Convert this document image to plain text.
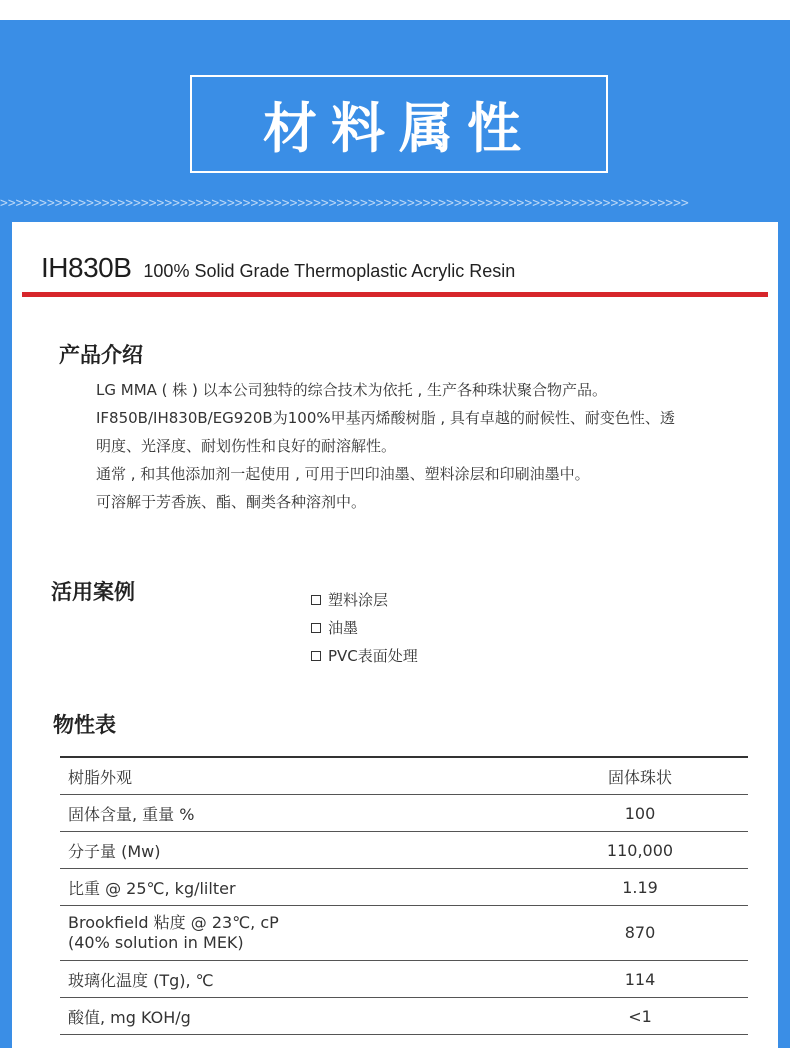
材料属性
>>>>>>>>>>>>>>>>>>>>>>>>>>>>>>>>>>>>>>>>>>>>>>>>>>>>>>>>>>>>>>>>>>>>>>>>>>>>>>>>>>>>>>>>
IH830B 100% Solid Grade Thermoplastic Acrylic Resin
产品介绍

LG MMA ( 株 ) 以本公司独特的综合技术为依托 , 生产各种珠状聚合物产品。

IF850B/IH830B/EG920B为100%甲基丙烯酸树脂 , 具有卓越的耐候性、耐变色性、透

明度、光泽度、耐划伤性和良好的耐溶解性。

通常 , 和其他添加剂一起使用 , 可用于凹印油墨、塑料涂层和印刷油墨中。

可溶解于芳香族、酯、酮类各种溶剂中。

活用案例	塑料涂层
油墨
PVC表面处理
物性表
树脂外观	固体珠状
固体含量, 重量 %	100
分子量 (Mw)	110,000
比重 @ 25℃, kg/lilter	1.19

Brookfield 粘度 @ 23℃, cP
(40% solution in MEK)	870
玻璃化温度 (Tg), ℃	114
酸值, mg KOH/g	<1
